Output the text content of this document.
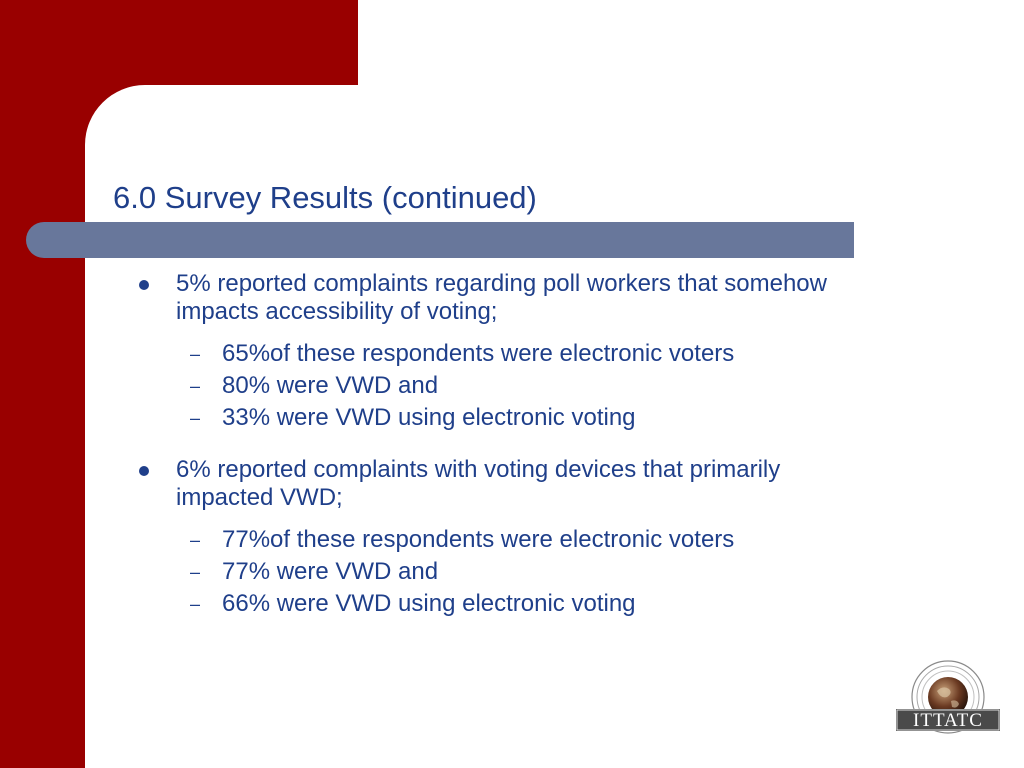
6.0 Survey Results (continued)
5% reported complaints regarding poll workers that somehow impacts accessibility of voting;
– 65%of these respondents were electronic voters
– 80% were VWD and
– 33% were VWD using electronic voting
6% reported complaints with voting devices that primarily impacted VWD;
– 77%of these respondents were electronic voters
– 77% were VWD and
– 66% were VWD using electronic voting
ITTATC
